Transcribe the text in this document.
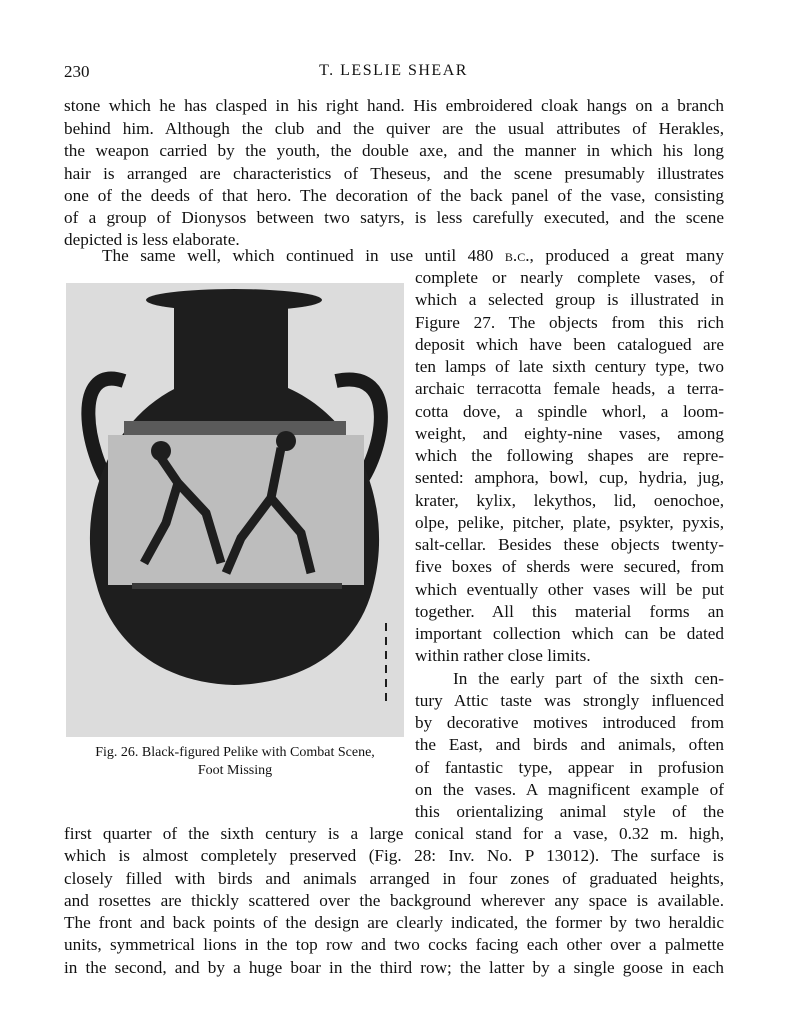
230	T. LESLIE SHEAR
stone which he has clasped in his right hand. His embroidered cloak hangs on a branch
behind him. Although the club and the quiver are the usual attributes of Herakles,
the weapon carried by the youth, the double axe, and the manner in which his long
hair is arranged are characteristics of Theseus, and the scene presumably illustrates
one of the deeds of that hero. The decoration of the back panel of the vase, consisting
of a group of Dionysos between two satyrs, is less carefully executed, and the scene
depicted is less elaborate.
The same well, which continued in use until 480 b.c., produced a great many
complete or nearly complete vases, of
which a selected group is illustrated in
Figure 27. The objects from this rich
deposit which have been catalogued are
ten lamps of late sixth century type, two
archaic terracotta female heads, a terra-
cotta dove, a spindle whorl, a loom-
weight, and eighty-nine vases, among
which the following shapes are repre-
sented: amphora, bowl, cup, hydria, jug,
krater, kylix, lekythos, lid, oenochoe,
olpe, pelike, pitcher, plate, psykter, pyxis,
salt-cellar. Besides these objects twenty-
five boxes of sherds were secured, from
which eventually other vases will be put
together. All this material forms an
important collection which can be dated
within rather close limits.
In the early part of the sixth cen-
tury Attic taste was strongly influenced
by decorative motives introduced from
the East, and birds and animals, often
of fantastic type, appear in profusion
on the vases. A magnificent example of
this orientalizing animal style of the
Fig. 26. Black-figured Pelike with Combat Scene,
Foot Missing
first quarter of the sixth century is a large conical stand for a vase, 0.32 m. high,
which is almost completely preserved (Fig. 28: Inv. No. P 13012). The surface is
closely filled with birds and animals arranged in four zones of graduated heights,
and rosettes are thickly scattered over the background wherever any space is available.
The front and back points of the design are clearly indicated, the former by two heraldic
units, symmetrical lions in the top row and two cocks facing each other over a palmette
in the second, and by a huge boar in the third row; the latter by a single goose in each
